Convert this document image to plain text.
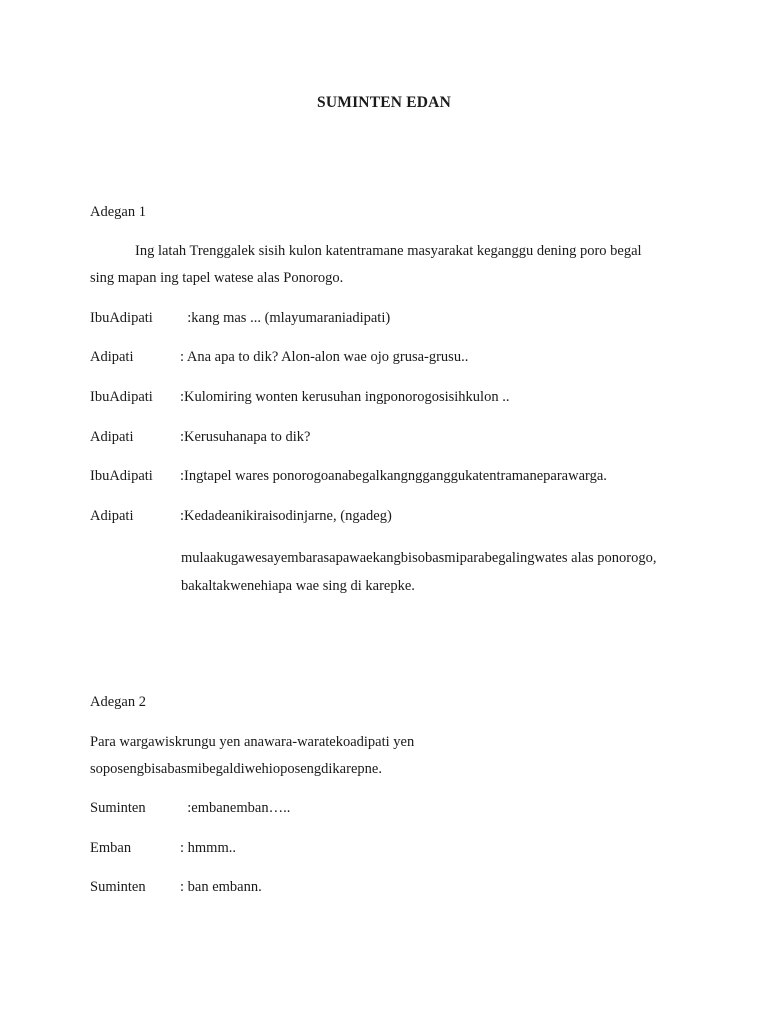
SUMINTEN EDAN
Adegan 1
Ing latah Trenggalek sisih kulon katentramane masyarakat keganggu dening poro begal
sing mapan ing tapel watese alas Ponorogo.
IbuAdipati :kang mas ... (mlayumaraniadipati)
Adipati	: Ana apa to dik? Alon-alon wae ojo grusa-grusu..
IbuAdipati :Kulomiring wonten kerusuhan ingponorogosisihkulon ..
Adipati	:Kerusuhanapa to dik?
IbuAdipati :Ingtapel wares ponorogoanabegalkangngganggukatentramaneparawarga.
Adipati	:Kedadeanikiraisodinjarne, (ngadeg)
mulaakugawesayembarasapawaekangbisobasmiparabegalingwates alas ponorogo,
bakaltakwenehiapa wae sing di karepke.
Adegan 2
Para wargawiskrungu yen anawara-waratekoadipati yen
soposengbisabasmibegaldiwehioposengdikarepne.
Suminten :embanemban…..
Emban	: hmmm..
Suminten : ban embann.
